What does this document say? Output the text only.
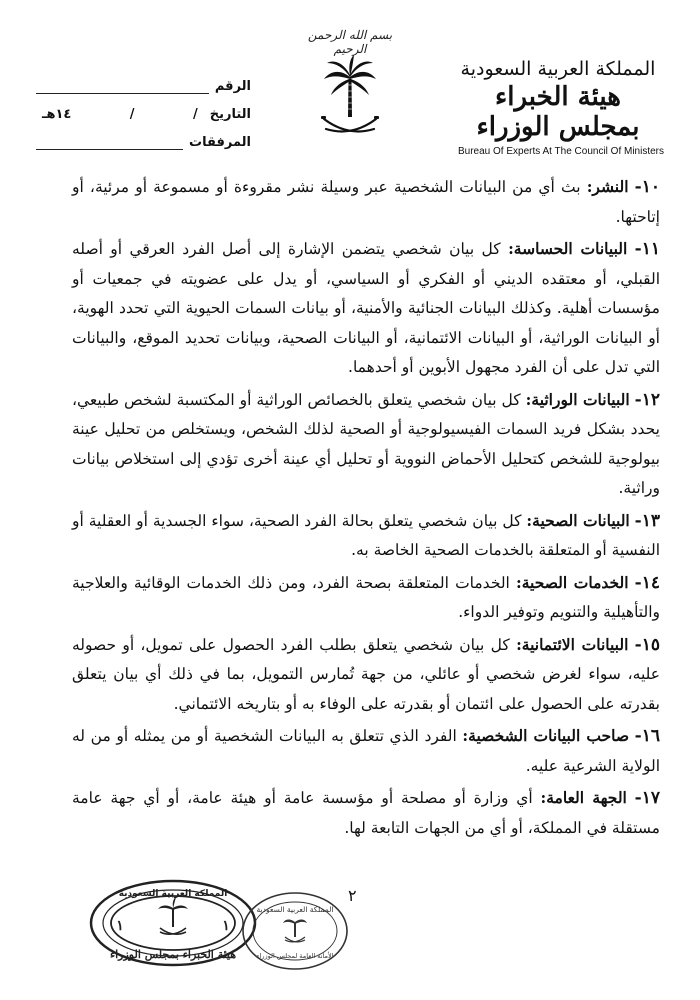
بسم الله الرحمن الرحيم
المملكة العربية السعودية
هيئة الخبراء بمجلس الوزراء
Bureau Of Experts At The Council Of Ministers
الرقم
التاريخ
/
/
١٤هـ
المرفقات

١٠- النشر: بث أي من البيانات الشخصية عبر وسيلة نشر مقروءة أو مسموعة أو مرئية، أو إتاحتها.

١١- البيانات الحساسة: كل بيان شخصي يتضمن الإشارة إلى أصل الفرد العرقي أو أصله القبلي، أو معتقده الديني أو الفكري أو السياسي، أو يدل على عضويته في جمعيات أو مؤسسات أهلية. وكذلك البيانات الجنائية والأمنية، أو بيانات السمات الحيوية التي تحدد الهوية، أو البيانات الوراثية، أو البيانات الائتمانية، أو البيانات الصحية، وبيانات تحديد الموقع، والبيانات التي تدل على أن الفرد مجهول الأبوين أو أحدهما.

١٢- البيانات الوراثية: كل بيان شخصي يتعلق بالخصائص الوراثية أو المكتسبة لشخص طبيعي، يحدد بشكل فريد السمات الفيسيولوجية أو الصحية لذلك الشخص، ويستخلص من تحليل عينة بيولوجية للشخص كتحليل الأحماض النووية أو تحليل أي عينة أخرى تؤدي إلى استخلاص بيانات وراثية.

١٣- البيانات الصحية: كل بيان شخصي يتعلق بحالة الفرد الصحية، سواء الجسدية أو العقلية أو النفسية أو المتعلقة بالخدمات الصحية الخاصة به.

١٤- الخدمات الصحية: الخدمات المتعلقة بصحة الفرد، ومن ذلك الخدمات الوقائية والعلاجية والتأهيلية والتنويم وتوفير الدواء.

١٥- البيانات الائتمانية: كل بيان شخصي يتعلق بطلب الفرد الحصول على تمويل، أو حصوله عليه، سواء لغرض شخصي أو عائلي، من جهة تُمارس التمويل، بما في ذلك أي بيان يتعلق بقدرته على الحصول على ائتمان أو بقدرته على الوفاء به أو بتاريخه الائتماني.

١٦- صاحب البيانات الشخصية: الفرد الذي تتعلق به البيانات الشخصية أو من يمثله أو من له الولاية الشرعية عليه.

١٧- الجهة العامة: أي وزارة أو مصلحة أو مؤسسة عامة أو هيئة عامة، أو أي جهة عامة مستقلة في المملكة، أو أي من الجهات التابعة لها.

٢
المملكة العربية السعودية
هيئة الخبراء بمجلس الوزراء
١	١
المملكة العربية السعودية
الأمانة العامة لمجلس الوزراء
